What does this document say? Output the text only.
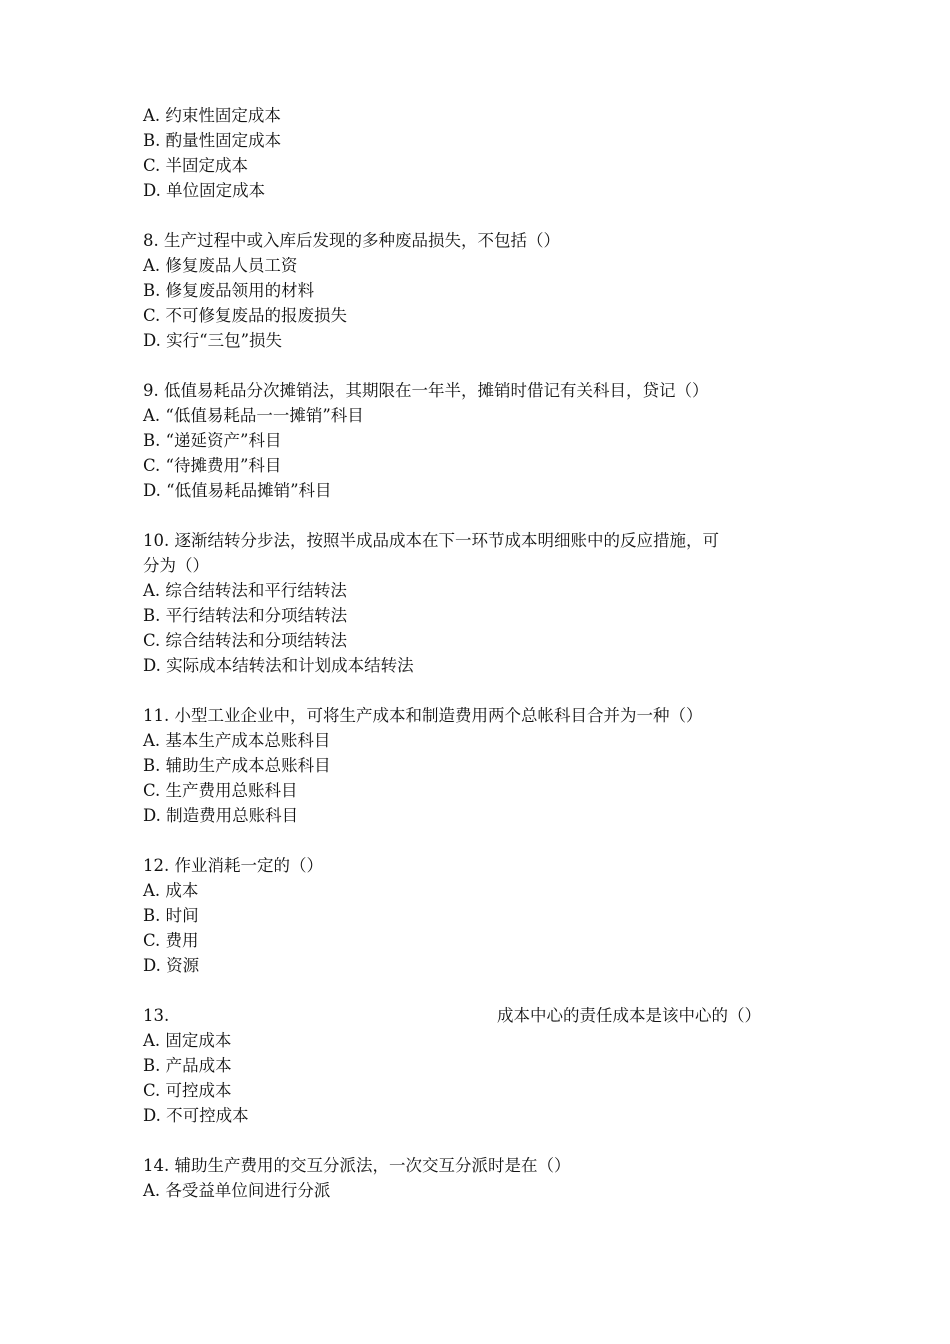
A. 约束性固定成本
B. 酌量性固定成本
C. 半固定成本
D. 单位固定成本
8. 生产过程中或入库后发现的多种废品损失，不包括（）
A. 修复废品人员工资
B. 修复废品领用的材料
C. 不可修复废品的报废损失
D. 实行“三包”损失
9. 低值易耗品分次摊销法，其期限在一年半，摊销时借记有关科目，贷记（）
A. “低值易耗品一一摊销”科目
B. “递延资产”科目
C. “待摊费用”科目
D. “低值易耗品摊销”科目
10. 逐渐结转分步法，按照半成品成本在下一环节成本明细账中的反应措施，可
分为（）
A. 综合结转法和平行结转法
B. 平行结转法和分项结转法
C. 综合结转法和分项结转法
D. 实际成本结转法和计划成本结转法
11. 小型工业企业中，可将生产成本和制造费用两个总帐科目合并为一种（）
A. 基本生产成本总账科目
B. 辅助生产成本总账科目
C. 生产费用总账科目
D. 制造费用总账科目
12. 作业消耗一定的（）
A. 成本
B. 时间
C. 费用
D. 资源
13.	成本中心的责任成本是该中心的（）
A. 固定成本
B. 产品成本
C. 可控成本
D. 不可控成本
14. 辅助生产费用的交互分派法，一次交互分派时是在（）
A. 各受益单位间进行分派
